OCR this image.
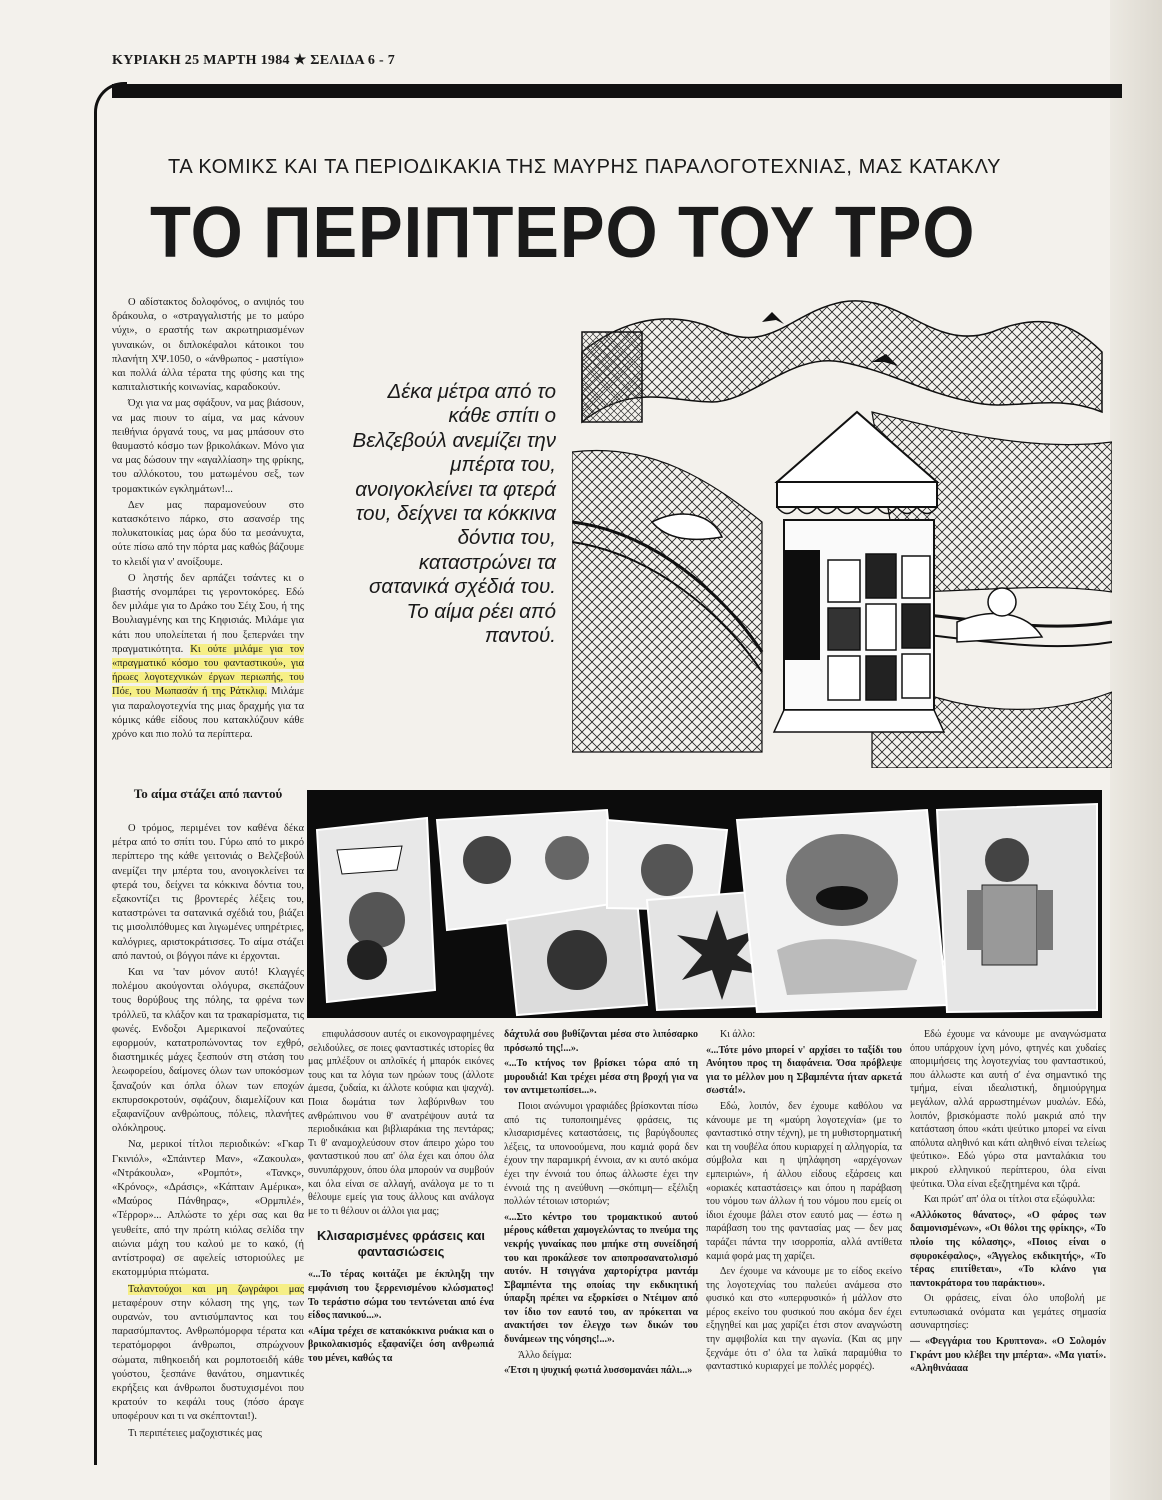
ΚΥΡΙΑΚΗ 25 ΜΑΡΤΗ 1984 ★ ΣΕΛΙΔΑ 6 - 7
ΤΑ ΚΟΜΙΚΣ ΚΑΙ ΤΑ ΠΕΡΙΟΔΙΚΑΚΙΑ ΤΗΣ ΜΑΥΡΗΣ ΠΑΡΑΛΟΓΟΤΕΧΝΙΑΣ, ΜΑΣ ΚΑΤΑΚΛΥ
ΤΟ ΠΕΡΙΠΤΕΡΟ ΤΟΥ ΤΡΟ

Ο αδίστακτος δολοφόνος, ο ανιψιός του δράκουλα, ο «στραγγαλιστής με το μαύρο νύχι», ο εραστής των ακρωτηριασμένων γυναικών, οι διπλοκέφαλοι κάτοικοι του πλανήτη ΧΨ.1050, ο «άνθρωπος - μαστίγιο» και πολλά άλλα τέρατα της φύσης και της καπιταλιστικής κοινωνίας, καραδοκούν.

Όχι για να μας σφάξουν, να μας βιάσουν, να μας πιουν το αίμα, να μας κάνουν πειθήνια όργανά τους, να μας μπάσουν στο θαυμαστό κόσμο των βρικολάκων. Μόνο για να μας δώσουν την «αγαλλίαση» της φρίκης, του αλλόκοτου, του ματωμένου σεξ, των τρομακτικών εγκλημάτων!...

Δεν μας παραμονεύουν στο κατασκότεινο πάρκο, στο ασανσέρ της πολυκατοικίας μας ώρα δύο τα μεσάνυχτα, ούτε πίσω από την πόρτα μας καθώς βάζουμε το κλειδί για ν' ανοίξουμε.

Ο ληστής δεν αρπάζει τσάντες κι ο βιαστής σνομπάρει τις γεροντοκόρες. Εδώ δεν μιλάμε για το Δράκο του Σέιχ Σου, ή της Βουλιαγμένης και της Κηφισιάς. Μιλάμε για κάτι που υπολείπεται ή που ξεπερνάει την πραγματικότητα. Κι ούτε μιλάμε για τον «πραγματικό κόσμο του φανταστικού», για ήρωες λογοτεχνικών έργων περιωπής, του Πόε, του Μωπασάν ή της Ράτκλιφ. Μιλάμε για παραλογοτεχνία της μιας δραχμής για τα κόμικς κάθε είδους που κατακλύζουν κάθε χρόνο και πιο πολύ τα περίπτερα.

Δέκα μέτρα από το κάθε σπίτι ο Βελζεβούλ ανεμίζει την μπέρτα του, ανοιγοκλείνει τα φτερά του, δείχνει τα κόκκινα δόντια του, καταστρώνει τα σατανικά σχέδιά του. Το αίμα ρέει από παντού.
Το αίμα στάζει από παντού

Ο τρόμος, περιμένει τον καθένα δέκα μέτρα από το σπίτι του. Γύρω από το μικρό περίπτερο της κάθε γειτονιάς ο Βελζεβούλ ανεμίζει την μπέρτα του, ανοιγοκλείνει τα φτερά του, δείχνει τα κόκκινα δόντια του, εξακοντίζει τις βροντερές λέξεις του, καταστρώνει τα σατανικά σχέδιά του, βιάζει τις μισολιπόθυμες και λιγωμένες υπηρέτριες, καλόγριες, αριστοκράτισσες. Το αίμα στάζει από παντού, οι βόγγοι πάνε κι έρχονται.

Και να 'ταν μόνον αυτό! Κλαγγές πολέμου ακούγονται ολόγυρα, σκεπάζουν τους θορύβους της πόλης, τα φρένα των τρόλλεϋ, τα κλάξον και τα τρακαρίσματα, τις φωνές. Ενδοξοι Αμερικανοί πεζοναύτες εφορμούν, κατατροπώνοντας τον εχθρό, διαστημικές μάχες ξεσπούν στη στάση του λεωφορείου, δαίμονες όλων των υποκόσμων ξαναζούν και όπλα όλων των εποχών εκπυρσοκροτούν, σφάζουν, διαμελίζουν και εξαφανίζουν ανθρώπους, πόλεις, πλανήτες ολόκληρους.

Να, μερικοί τίτλοι περιοδικών: «Γκαρ Γκινιόλ», «Σπάιντερ Μαν», «Ζακουλα», «Ντράκουλα», «Ρομπότ», «Τανκς», «Κρόνος», «Δράσις», «Κάπταιν Αμέρικα», «Μαύρος Πάνθηρας», «Ορμπιλέ», «Τέρρορ»... Απλώστε το χέρι σας και θα γευθείτε, από την πρώτη κιόλας σελίδα την αιώνια μάχη του καλού με το κακό, (ή αντίστροφα) σε αφελείς ιστοριούλες με εκατομμύρια πτώματα.

Ταλαντούχοι και μη ζωγράφοι μας μεταφέρουν στην κόλαση της γης, των ουρανών, του αντισύμπαντος και του παρασύμπαντος. Ανθρωπόμορφα τέρατα και τερατόμορφοι άνθρωποι, σπρώχνουν σώματα, πιθηκοειδή και ρομποτοειδή κάθε γούστου, ξεσπάνε θανάτου, σημαντικές εκρήξεις και άνθρωποι δυστυχισμένοι που κρατούν το κεφάλι τους (πόσο άραγε υποφέρουν και τι να σκέπτονται!).

Τι περιπέτειες μαζοχιστικές μας

επιφυλάσσουν αυτές οι εικονογραφημένες σελιδούλες, σε ποιες φανταστικές ιστορίες θα μας μπλέξουν οι απλοϊκές ή μπαρόκ εικόνες τους και τα λόγια των ηρώων τους (άλλοτε άμεσα, ζυδαία, κι άλλοτε κούφια και ψαχνά). Ποια δωμάτια των λαβύρινθων του ανθρώπινου νου θ' ανατρέψουν αυτά τα περιοδικάκια και βιβλιαράκια της πεντάρας; Τι θ' αναμοχλεύσουν στον άπειρο χώρο του φανταστικού που απ' όλα έχει και όπου όλα συνυπάρχουν, όπου όλα μπορούν να συμβούν και όλα είναι σε αλλαγή, ανάλογα με το τι θέλουμε εμείς για τους άλλους και ανάλογα με το τι θέλουν οι άλλοι για μας;

Κλισαρισμένες φράσεις και φαντασιώσεις

«...Το τέρας κοιτάζει με έκπληξη την εμφάνιση του ξερρενισμένου κλώσματος! Το τεράστιο σώμα του τεντώνεται από ένα είδος πανικού...».

«Αίμα τρέχει σε κατακόκκινα ρυάκια και ο βρικολακισμός εξαφανίζει όση ανθρωπιά του μένει, καθώς τα

δάχτυλά σου βυθίζονται μέσα στο λιπόσαρκο πρόσωπό της!...».

«...Το κτήνος τον βρίσκει τώρα από τη μυρουδιά! Και τρέχει μέσα στη βροχή για να τον αντιμετωπίσει...».

Ποιοι ανώνυμοι γραφιάδες βρίσκονται πίσω από τις τυποποιημένες φράσεις, τις κλισαρισμένες καταστάσεις, τις βαρύγδουπες λέξεις, τα υπονοούμενα, που καμιά φορά δεν έχουν την παραμικρή έννοια, αν κι αυτό ακόμα έχει την έννοιά του όπως άλλωστε έχει την έννοιά της η ανεύθυνη —σκόπιμη— εξέλιξη πολλών τέτοιων ιστοριών;

«...Στο κέντρο του τρομακτικού αυτού μέρους κάθεται χαμογελώντας το πνεύμα της νεκρής γυναίκας που μπήκε στη συνείδησή του και προκάλεσε τον αποπροσανατολισμό αυτόν. Η τσιγγάνα χαρτορίχτρα μαντάμ Σβαμπέντα της οποίας την εκδικητική ύπαρξη πρέπει να εξορκίσει ο Ντέιμον από τον ίδιο τον εαυτό του, αν πρόκειται να ανακτήσει τον έλεγχο των δικών του δυνάμεων της νόησης!...».

Άλλο δείγμα:

«Έτσι η ψυχική φωτιά λυσσομανάει πάλι...»

Κι άλλο:

«...Τότε μόνο μπορεί ν' αρχίσει το ταξίδι του Ανόητου προς τη διαφάνεια. Όσα πρόβλεψε για το μέλλον μου η Σβαμπέντα ήταν αρκετά σωστά!».

Εδώ, λοιπόν, δεν έχουμε καθόλου να κάνουμε με τη «μαύρη λογοτεχνία» (με το φανταστικό στην τέχνη), με τη μυθιστορηματική και τη νουβέλα όπου κυριαρχεί η αλληγορία, τα σύμβολα και η ψηλάφηση «αρχέγονων εμπειριών», ή άλλου είδους εξάρσεις και «οριακές καταστάσεις» και όπου η παράβαση του νόμου των άλλων ή του νόμου που εμείς οι ίδιοι έχουμε βάλει στον εαυτό μας — έστω η παράβαση του της φαντασίας μας — δεν μας ταράζει πάντα την ισορροπία, αλλά αντίθετα καμιά φορά μας τη χαρίζει.

Δεν έχουμε να κάνουμε με το είδος εκείνο της λογοτεχνίας του παλεύει ανάμεσα στο φυσικό και στο «υπερφυσικό» ή μάλλον στο μέρος εκείνο του φυσικού που ακόμα δεν έχει εξηγηθεί και μας χαρίζει έτσι στον αναγνώστη την αμφιβολία και την αγωνία. (Και ας μην ξεχνάμε ότι σ' όλα τα λαϊκά παραμύθια το φανταστικό κυριαρχεί με πολλές μορφές).

Εδώ έχουμε να κάνουμε με αναγνώσματα όπου υπάρχουν ίχνη μόνο, φτηνές και χυδαίες απομιμήσεις της λογοτεχνίας του φανταστικού, που άλλωστε και αυτή σ' ένα σημαντικό της τμήμα, είναι ιδεαλιστική, δημιούργημα μεγάλων, αλλά αρρωστημένων μυαλών. Εδώ, λοιπόν, βρισκόμαστε πολύ μακριά από την κατάσταση όπου «κάτι ψεύτικο μπορεί να είναι απόλυτα αληθινό και κάτι αληθινό είναι τελείως ψεύτικο». Εδώ γύρω στα μανταλάκια του μικρού ελληνικού περίπτερου, όλα είναι ψεύτικα. Όλα είναι εξεζητημένα και τζιρά.

Και πρώτ' απ' όλα οι τίτλοι στα εξώφυλλα:

«Αλλόκοτος θάνατος», «Ο φάρος των δαιμονισμένων», «Οι θόλοι της φρίκης», «Το πλοίο της κόλασης», «Ποιος είναι ο σφυροκέφαλος», «Άγγελος εκδικητής», «Το τέρας επιτίθεται», «Το κλάνο για παντοκράτορα του παράκτιου».

Οι φράσεις, είναι όλο υποβολή με εντυπωσιακά ονόματα και γεμάτες σημασία ασυναρτησίες:

— «Φεγγάρια του Κρυπτονα». «Ο Σολομόν Γκράντ μου κλέβει την μπέρτα». «Μα γιατί». «Αληθινάααα
